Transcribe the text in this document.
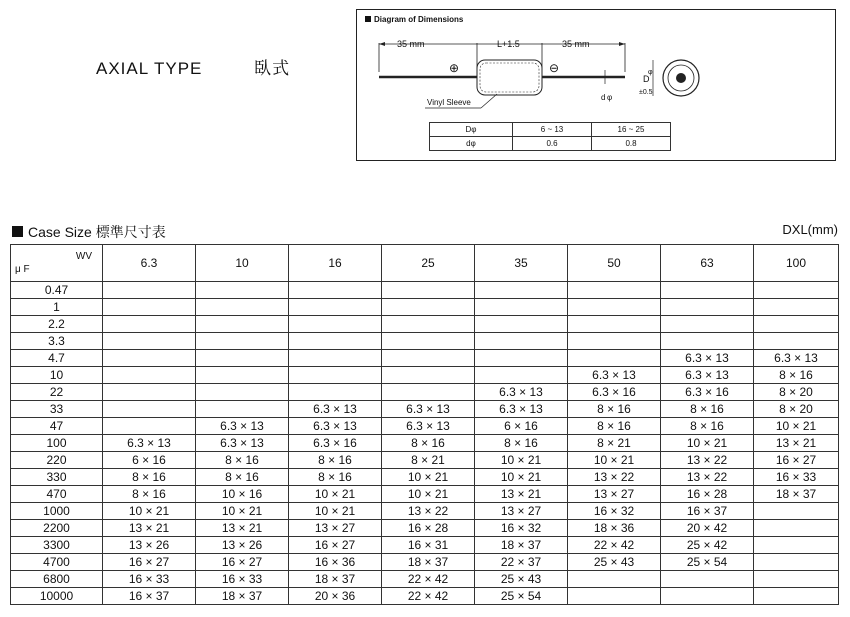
AXIAL TYPE	臥式
Diagram of Dimensions
35 mm	L+1.5	35 mm
⊕	⊖
Vinyl Sleeve
d φ
D
φ
±0.5
Dφ	6 ~ 13	16 ~ 25
dφ	0.6	0.8
Case Size 標準尺寸表	DXL(mm)
WV
μ F	6.3	10	16	25	35	50	63	100
0.47								
1								
2.2								
3.3								
4.7							6.3 × 13	6.3 × 13
10						6.3 × 13	6.3 × 13	8 × 16
22					6.3 × 13	6.3 × 16	6.3 × 16	8 × 20
33			6.3 × 13	6.3 × 13	6.3 × 13	8 × 16	8 × 16	8 × 20
47		6.3 × 13	6.3 × 13	6.3 × 13	6 × 16	8 × 16	8 × 16	10 × 21
100	6.3 × 13	6.3 × 13	6.3 × 16	8 × 16	8 × 16	8 × 21	10 × 21	13 × 21
220	6 × 16	8 × 16	8 × 16	8 × 21	10 × 21	10 × 21	13 × 22	16 × 27
330	8 × 16	8 × 16	8 × 16	10 × 21	10 × 21	13 × 22	13 × 22	16 × 33
470	8 × 16	10 × 16	10 × 21	10 × 21	13 × 21	13 × 27	16 × 28	18 × 37
1000	10 × 21	10 × 21	10 × 21	13 × 22	13 × 27	16 × 32	16 × 37	
2200	13 × 21	13 × 21	13 × 27	16 × 28	16 × 32	18 × 36	20 × 42	
3300	13 × 26	13 × 26	16 × 27	16 × 31	18 × 37	22 × 42	25 × 42	
4700	16 × 27	16 × 27	16 × 36	18 × 37	22 × 37	25 × 43	25 × 54	
6800	16 × 33	16 × 33	18 × 37	22 × 42	25 × 43			
10000	16 × 37	18 × 37	20 × 36	22 × 42	25 × 54			
